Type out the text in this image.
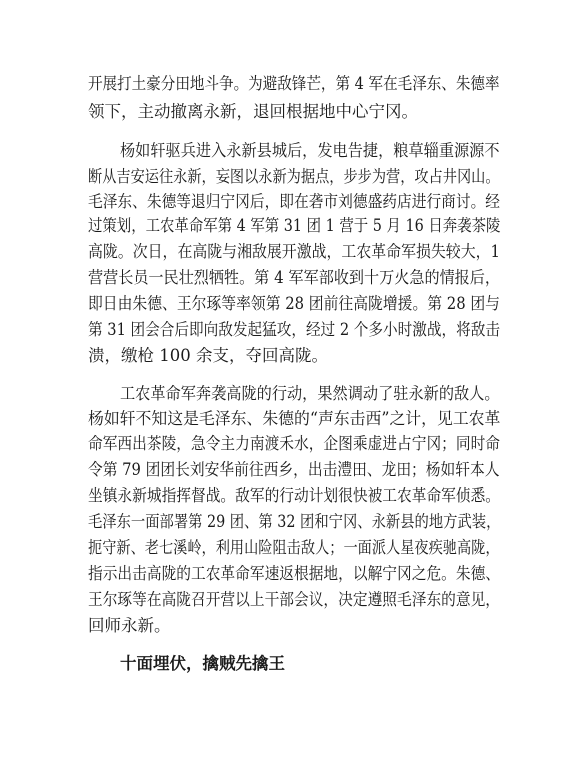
开展打土豪分田地斗争。为避敌锋芒，第 4 军在毛泽东、朱德率
领下，主动撤离永新，退回根据地中心宁冈。
杨如轩驱兵进入永新县城后，发电告捷，粮草辎重源源不
断从吉安运往永新，妄图以永新为据点，步步为营，攻占井冈山。
毛泽东、朱德等退归宁冈后，即在砻市刘德盛药店进行商讨。经
过策划，工农革命军第 4 军第 31 团 1 营于 5 月 16 日奔袭茶陵
高陇。次日，在高陇与湘敌展开激战，工农革命军损失较大，1
营营长员一民壮烈牺牲。第 4 军军部收到十万火急的情报后，
即日由朱德、王尔琢等率领第 28 团前往高陇增援。第 28 团与
第 31 团会合后即向敌发起猛攻，经过 2 个多小时激战，将敌击
溃，缴枪 100 余支，夺回高陇。
工农革命军奔袭高陇的行动，果然调动了驻永新的敌人。
杨如轩不知这是毛泽东、朱德的“声东击西”之计，见工农革
命军西出茶陵，急令主力南渡禾水，企图乘虚进占宁冈；同时命
令第 79 团团长刘安华前往西乡，出击澧田、龙田；杨如轩本人
坐镇永新城指挥督战。敌军的行动计划很快被工农革命军侦悉。
毛泽东一面部署第 29 团、第 32 团和宁冈、永新县的地方武装，
扼守新、老七溪岭，利用山险阻击敌人；一面派人星夜疾驰高陇，
指示出击高陇的工农革命军速返根据地，以解宁冈之危。朱德、
王尔琢等在高陇召开营以上干部会议，决定遵照毛泽东的意见，
回师永新。
十面埋伏，擒贼先擒王
